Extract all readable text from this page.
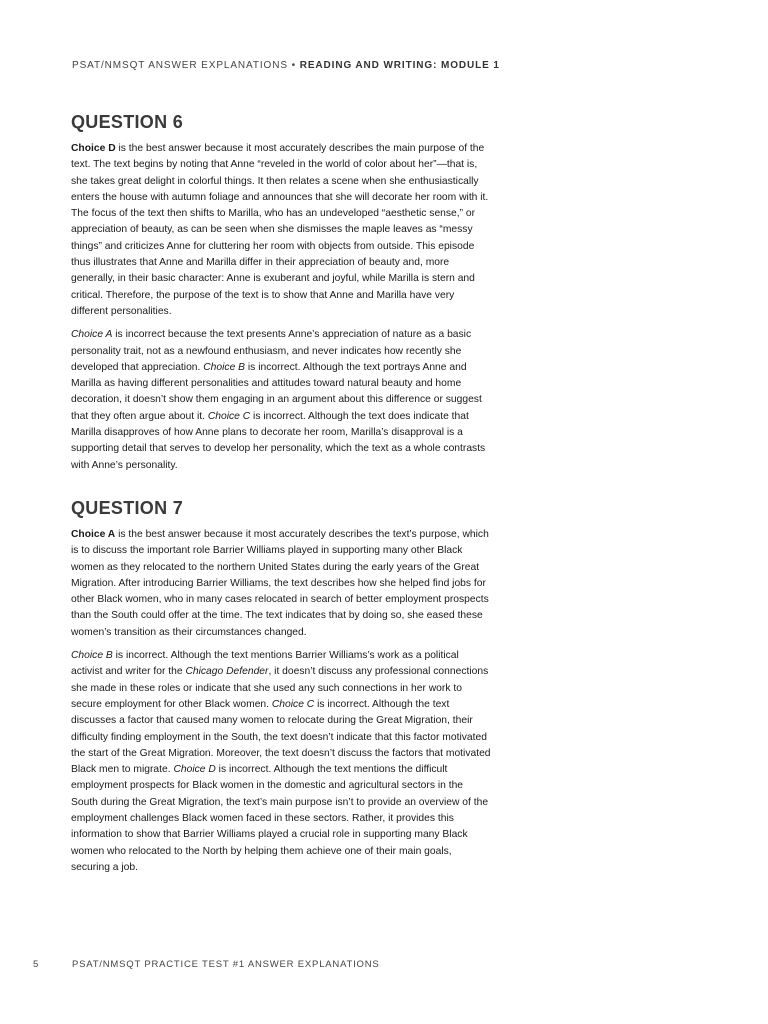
PSAT/NMSQT ANSWER EXPLANATIONS • READING AND WRITING: MODULE 1
QUESTION 6

Choice D is the best answer because it most accurately describes the main purpose of the text. The text begins by noting that Anne “reveled in the world of color about her”—that is, she takes great delight in colorful things. It then relates a scene when she enthusiastically enters the house with autumn foliage and announces that she will decorate her room with it. The focus of the text then shifts to Marilla, who has an undeveloped “aesthetic sense,” or appreciation of beauty, as can be seen when she dismisses the maple leaves as “messy things” and criticizes Anne for cluttering her room with objects from outside. This episode thus illustrates that Anne and Marilla differ in their appreciation of beauty and, more generally, in their basic character: Anne is exuberant and joyful, while Marilla is stern and critical. Therefore, the purpose of the text is to show that Anne and Marilla have very different personalities.

Choice A is incorrect because the text presents Anne’s appreciation of nature as a basic personality trait, not as a newfound enthusiasm, and never indicates how recently she developed that appreciation. Choice B is incorrect. Although the text portrays Anne and Marilla as having different personalities and attitudes toward natural beauty and home decoration, it doesn’t show them engaging in an argument about this difference or suggest that they often argue about it. Choice C is incorrect. Although the text does indicate that Marilla disapproves of how Anne plans to decorate her room, Marilla’s disapproval is a supporting detail that serves to develop her personality, which the text as a whole contrasts with Anne’s personality.

QUESTION 7

Choice A is the best answer because it most accurately describes the text’s purpose, which is to discuss the important role Barrier Williams played in supporting many other Black women as they relocated to the northern United States during the early years of the Great Migration. After introducing Barrier Williams, the text describes how she helped find jobs for other Black women, who in many cases relocated in search of better employment prospects than the South could offer at the time. The text indicates that by doing so, she eased these women’s transition as their circumstances changed.

Choice B is incorrect. Although the text mentions Barrier Williams’s work as a political activist and writer for the Chicago Defender, it doesn’t discuss any professional connections she made in these roles or indicate that she used any such connections in her work to secure employment for other Black women. Choice C is incorrect. Although the text discusses a factor that caused many women to relocate during the Great Migration, their difficulty finding employment in the South, the text doesn’t indicate that this factor motivated the start of the Great Migration. Moreover, the text doesn’t discuss the factors that motivated Black men to migrate. Choice D is incorrect. Although the text mentions the difficult employment prospects for Black women in the domestic and agricultural sectors in the South during the Great Migration, the text’s main purpose isn’t to provide an overview of the employment challenges Black women faced in these sectors. Rather, it provides this information to show that Barrier Williams played a crucial role in supporting many Black women who relocated to the North by helping them achieve one of their main goals, securing a job.

5	PSAT/NMSQT PRACTICE TEST #1 ANSWER EXPLANATIONS
